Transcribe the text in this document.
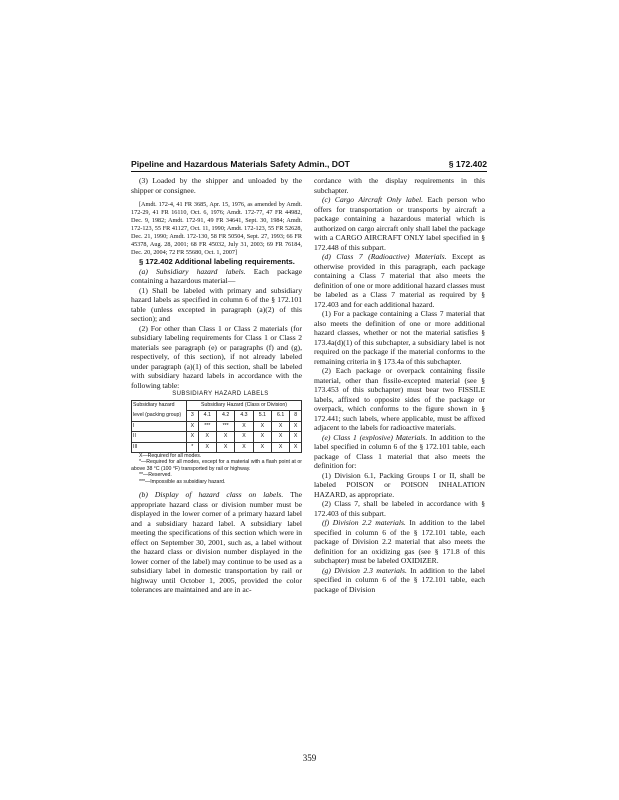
Pipeline and Hazardous Materials Safety Admin., DOT	§ 172.402

(3) Loaded by the shipper and unloaded by the shipper or consignee.

[Amdt. 172-4, 41 FR 3685, Apr. 15, 1976, as amended by Amdt. 172-29, 41 FR 16110, Oct. 6, 1976; Amdt. 172-77, 47 FR 44982, Dec. 9, 1982; Amdt. 172-91, 49 FR 34641, Sept. 30, 1984; Amdt. 172-123, 55 FR 41127, Oct. 11, 1990; Amdt. 172-123, 55 FR 52628, Dec. 21, 1990; Amdt. 172-130, 58 FR 50504, Sept. 27, 1993; 66 FR 45378, Aug. 28, 2001; 68 FR 45032, July 31, 2003; 69 FR 76184, Dec. 20, 2004; 72 FR 55680, Oct. 1, 2007]

§ 172.402 Additional labeling requirements.

(a) Subsidiary hazard labels. Each package containing a hazardous material—

(1) Shall be labeled with primary and subsidiary hazard labels as specified in column 6 of the § 172.101 table (unless excepted in paragraph (a)(2) of this section); and

(2) For other than Class 1 or Class 2 materials (for subsidiary labeling requirements for Class 1 or Class 2 materials see paragraph (e) or paragraphs (f) and (g), respectively, of this section), if not already labeled under paragraph (a)(1) of this section, shall be labeled with subsidiary hazard labels in accordance with the following table:

SUBSIDIARY HAZARD LABELS

Subsidiary hazard level (packing group)	Subsidiary Hazard (Class or Division)						
	3	4.1	4.2	4.3	5.1	6.1	8
I	X	***	***	X	X	X	X
II	X	X	X	X	X	X	X
III	*	X	X	X	X	X	X

X—Required for all modes.

*—Required for all modes, except for a material with a flash point at or above 38 °C (100 °F) transported by rail or highway.

**—Reserved.

***—Impossible as subsidiary hazard.

(b) Display of hazard class on labels. The appropriate hazard class or division number must be displayed in the lower corner of a primary hazard label and a subsidiary hazard label. A subsidiary label meeting the specifications of this section which were in effect on September 30, 2001, such as, a label without the hazard class or division number displayed in the lower corner of the label) may continue to be used as a subsidiary label in domestic transportation by rail or highway until October 1, 2005, provided the color tolerances are maintained and are in ac-

cordance with the display requirements in this subchapter.

(c) Cargo Aircraft Only label. Each person who offers for transportation or transports by aircraft a package containing a hazardous material which is authorized on cargo aircraft only shall label the package with a CARGO AIRCRAFT ONLY label specified in § 172.448 of this subpart.

(d) Class 7 (Radioactive) Materials. Except as otherwise provided in this paragraph, each package containing a Class 7 material that also meets the definition of one or more additional hazard classes must be labeled as a Class 7 material as required by § 172.403 and for each additional hazard.

(1) For a package containing a Class 7 material that also meets the definition of one or more additional hazard classes, whether or not the material satisfies § 173.4a(d)(1) of this subchapter, a subsidiary label is not required on the package if the material conforms to the remaining criteria in § 173.4a of this subchapter.

(2) Each package or overpack containing fissile material, other than fissile-excepted material (see § 173.453 of this subchapter) must bear two FISSILE labels, affixed to opposite sides of the package or overpack, which conforms to the figure shown in § 172.441; such labels, where applicable, must be affixed adjacent to the labels for radioactive materials.

(e) Class 1 (explosive) Materials. In addition to the label specified in column 6 of the § 172.101 table, each package of Class 1 material that also meets the definition for:

(1) Division 6.1, Packing Groups I or II, shall be labeled POISON or POISON INHALATION HAZARD, as appropriate.

(2) Class 7, shall be labeled in accordance with § 172.403 of this subpart.

(f) Division 2.2 materials. In addition to the label specified in column 6 of the § 172.101 table, each package of Division 2.2 material that also meets the definition for an oxidizing gas (see § 171.8 of this subchapter) must be labeled OXIDIZER.

(g) Division 2.3 materials. In addition to the label specified in column 6 of the § 172.101 table, each package of Division

359
